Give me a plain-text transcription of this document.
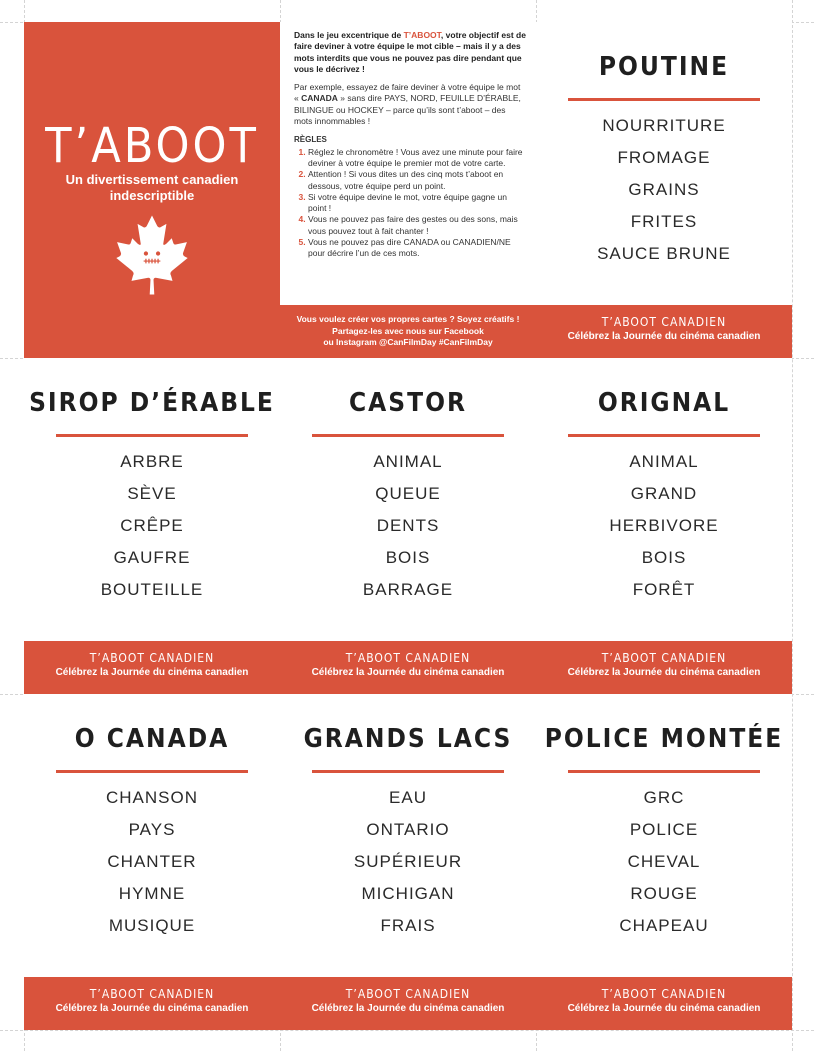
T’ABOOT
Un divertissement canadien
indescriptible

Dans le jeu excentrique de T’ABOOT, votre objectif est de faire deviner à votre équipe le mot cible – mais il y a des mots interdits que vous ne pouvez pas dire pendant que vous le décrivez !

Par exemple, essayez de faire deviner à votre équipe le mot « CANADA » sans dire PAYS, NORD, FEUILLE D’ÉRABLE, BILINGUE ou HOCKEY – parce qu’ils sont t’aboot – des mots innommables !

RÈGLES
1. Réglez le chronomètre ! Vous avez une minute pour faire deviner à votre équipe le premier mot de votre carte.
2. Attention ! Si vous dites un des cinq mots t’aboot en dessous, votre équipe perd un point.
3. Si votre équipe devine le mot, votre équipe gagne un point !
4. Vous ne pouvez pas faire des gestes ou des sons, mais vous pouvez tout à fait chanter !
5. Vous ne pouvez pas dire CANADA ou CANADIEN/NE pour décrire l’un de ces mots.
Vous voulez créer vos propres cartes ? Soyez créatifs !
Partagez-les avec nous sur Facebook
ou Instagram @CanFilmDay #CanFilmDay
POUTINE
NOURRITURE
FROMAGE
GRAINS
FRITES
SAUCE BRUNE
T’ABOOT CANADIEN
Célébrez la Journée du cinéma canadien
SIROP D’ÉRABLE
ARBRE
SÈVE
CRÊPE
GAUFRE
BOUTEILLE
T’ABOOT CANADIEN
Célébrez la Journée du cinéma canadien
CASTOR
ANIMAL
QUEUE
DENTS
BOIS
BARRAGE
T’ABOOT CANADIEN
Célébrez la Journée du cinéma canadien
ORIGNAL
ANIMAL
GRAND
HERBIVORE
BOIS
FORÊT
T’ABOOT CANADIEN
Célébrez la Journée du cinéma canadien
O CANADA
CHANSON
PAYS
CHANTER
HYMNE
MUSIQUE
T’ABOOT CANADIEN
Célébrez la Journée du cinéma canadien
GRANDS LACS
EAU
ONTARIO
SUPÉRIEUR
MICHIGAN
FRAIS
T’ABOOT CANADIEN
Célébrez la Journée du cinéma canadien
POLICE MONTÉE
GRC
POLICE
CHEVAL
ROUGE
CHAPEAU
T’ABOOT CANADIEN
Célébrez la Journée du cinéma canadien
